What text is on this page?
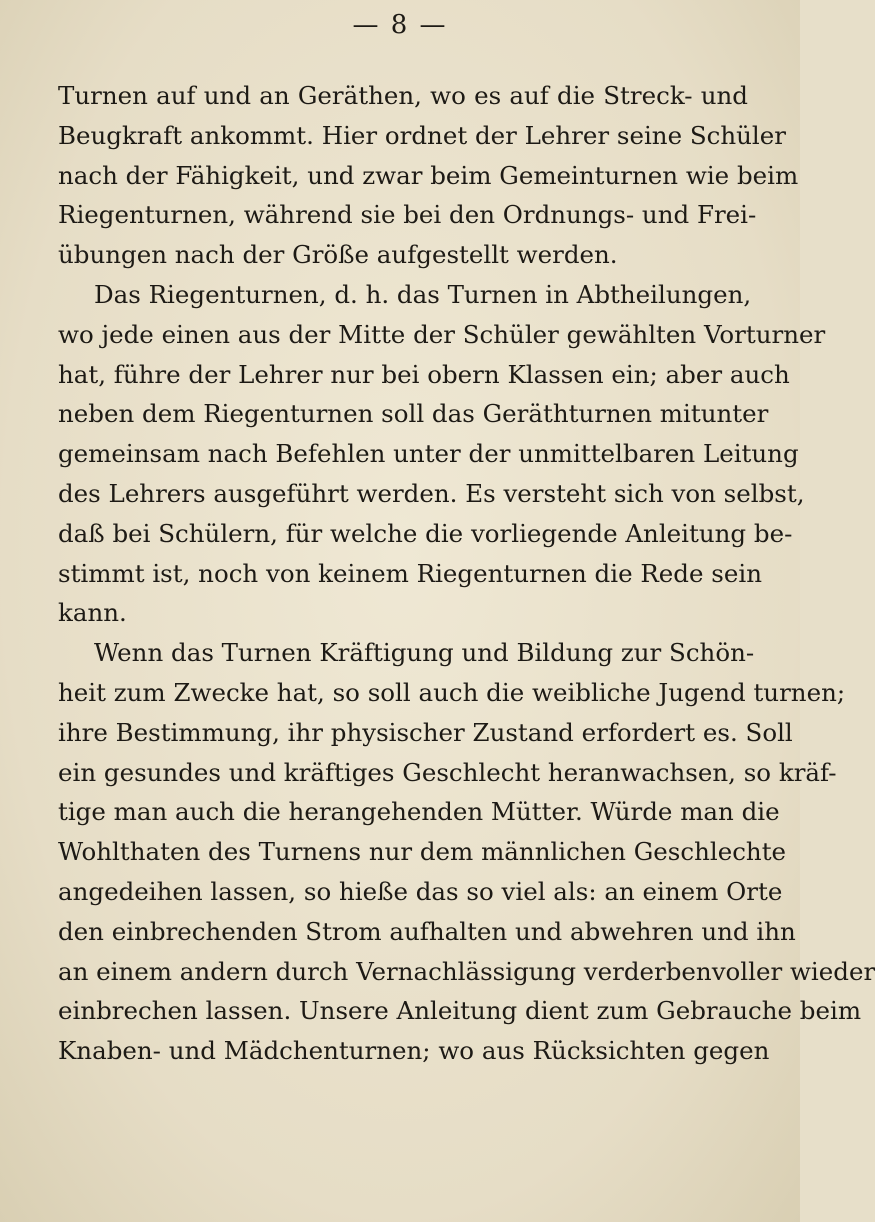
— 8 —
Turnen auf und an Geräthen, wo es auf die Streck- und
Beugkraft ankommt. Hier ordnet der Lehrer seine Schüler
nach der Fähigkeit, und zwar beim Gemeinturnen wie beim
Riegenturnen, während sie bei den Ordnungs- und Frei-
übungen nach der Größe aufgestellt werden.
Das Riegenturnen, d. h. das Turnen in Abtheilungen,
wo jede einen aus der Mitte der Schüler gewählten Vorturner
hat, führe der Lehrer nur bei obern Klassen ein; aber auch
neben dem Riegenturnen soll das Geräthturnen mitunter
gemeinsam nach Befehlen unter der unmittelbaren Leitung
des Lehrers ausgeführt werden. Es versteht sich von selbst,
daß bei Schülern, für welche die vorliegende Anleitung be-
stimmt ist, noch von keinem Riegenturnen die Rede sein
kann.
Wenn das Turnen Kräftigung und Bildung zur Schön-
heit zum Zwecke hat, so soll auch die weibliche Jugend turnen;
ihre Bestimmung, ihr physischer Zustand erfordert es. Soll
ein gesundes und kräftiges Geschlecht heranwachsen, so kräf-
tige man auch die herangehenden Mütter. Würde man die
Wohlthaten des Turnens nur dem männlichen Geschlechte
angedeihen lassen, so hieße das so viel als: an einem Orte
den einbrechenden Strom aufhalten und abwehren und ihn
an einem andern durch Vernachlässigung verderbenvoller wieder
einbrechen lassen. Unsere Anleitung dient zum Gebrauche beim
Knaben- und Mädchenturnen; wo aus Rücksichten gegen
